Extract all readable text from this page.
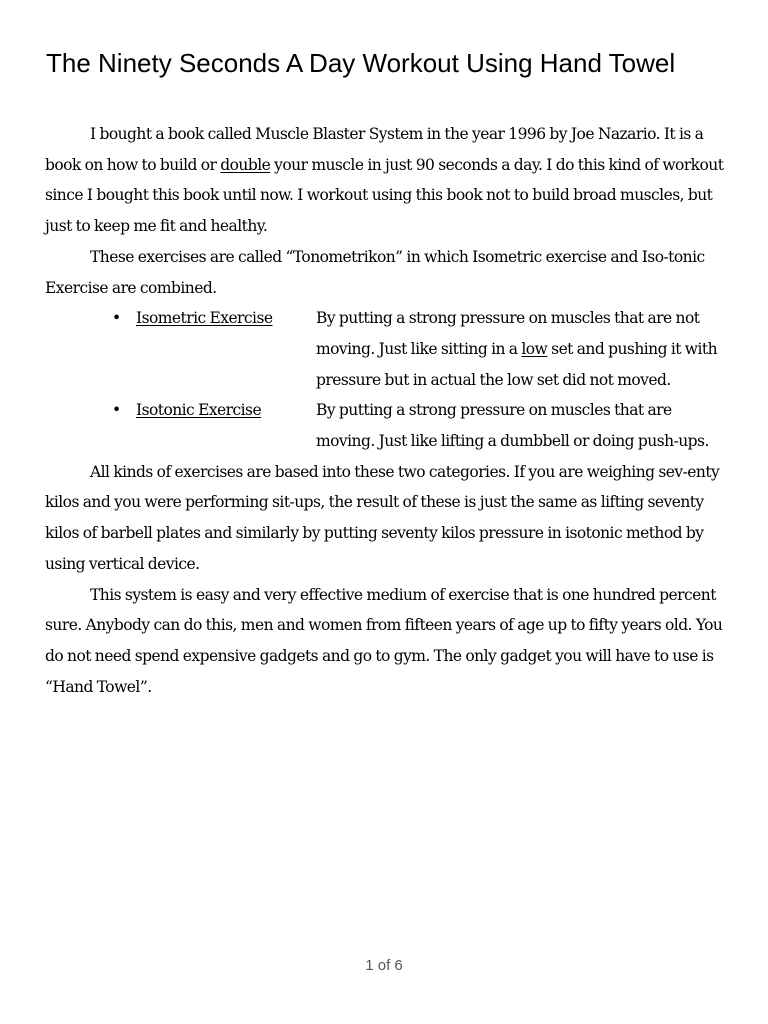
The Ninety Seconds A Day Workout Using Hand Towel

I bought a book called Muscle Blaster System in the year 1996 by Joe Nazario. It is a book on how to build or double your muscle in just 90 seconds a day. I do this kind of workout since I bought this book until now. I workout using this book not to build broad muscles, but just to keep me fit and healthy.

These exercises are called “Tonometrikon” in which Isometric exercise and Iso-tonic Exercise are combined.

• Isometric Exercise	By putting a strong pressure on muscles that are not moving. Just like sitting in a low set and pushing it with pressure but in actual the low set did not moved.
• Isotonic Exercise	By putting a strong pressure on muscles that are moving. Just like lifting a dumbbell or doing push-ups.

All kinds of exercises are based into these two categories. If you are weighing sev-enty kilos and you were performing sit-ups, the result of these is just the same as lifting seventy kilos of barbell plates and similarly by putting seventy kilos pressure in isotonic method by using vertical device.

This system is easy and very effective medium of exercise that is one hundred percent sure. Anybody can do this, men and women from fifteen years of age up to fifty years old. You do not need spend expensive gadgets and go to gym. The only gadget you will have to use is “Hand Towel”.

1 of 6
